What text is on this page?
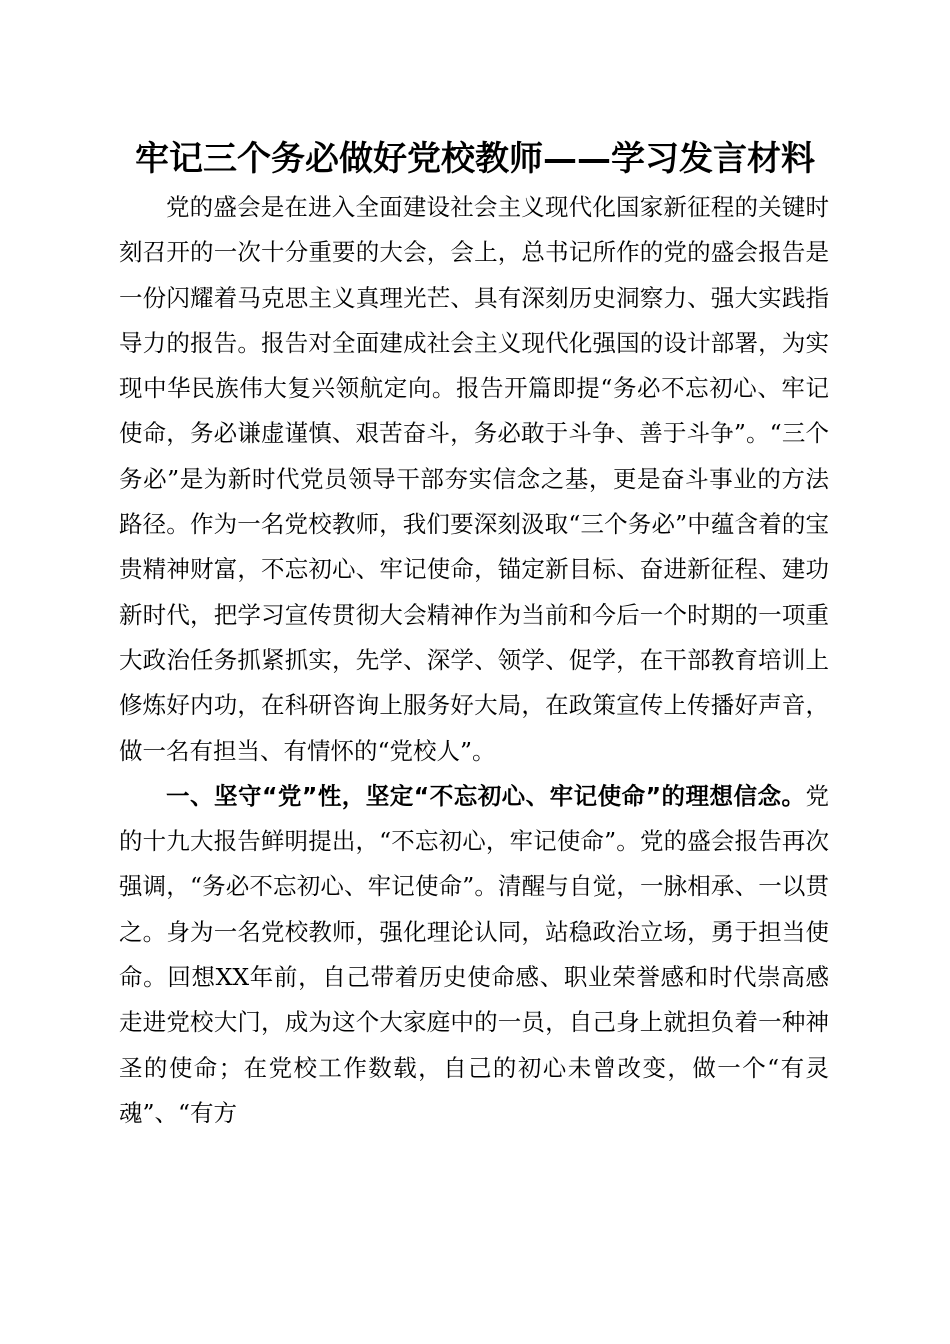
牢记三个务必做好党校教师——学习发言材料

党的盛会是在进入全面建设社会主义现代化国家新征程的关键时刻召开的一次十分重要的大会，会上，总书记所作的党的盛会报告是一份闪耀着马克思主义真理光芒、具有深刻历史洞察力、强大实践指导力的报告。报告对全面建成社会主义现代化强国的设计部署，为实现中华民族伟大复兴领航定向。报告开篇即提“务必不忘初心、牢记使命，务必谦虚谨慎、艰苦奋斗，务必敢于斗争、善于斗争”。“三个务必”是为新时代党员领导干部夯实信念之基，更是奋斗事业的方法路径。作为一名党校教师，我们要深刻汲取“三个务必”中蕴含着的宝贵精神财富，不忘初心、牢记使命，锚定新目标、奋进新征程、建功新时代，把学习宣传贯彻大会精神作为当前和今后一个时期的一项重大政治任务抓紧抓实，先学、深学、领学、促学，在干部教育培训上修炼好内功，在科研咨询上服务好大局，在政策宣传上传播好声音，做一名有担当、有情怀的“党校人”。

一、坚守“党”性，坚定“不忘初心、牢记使命”的理想信念。党的十九大报告鲜明提出，“不忘初心，牢记使命”。党的盛会报告再次强调，“务必不忘初心、牢记使命”。清醒与自觉，一脉相承、一以贯之。身为一名党校教师，强化理论认同，站稳政治立场，勇于担当使命。回想XX年前，自己带着历史使命感、职业荣誉感和时代崇高感走进党校大门，成为这个大家庭中的一员，自己身上就担负着一种神圣的使命；在党校工作数载，自己的初心未曾改变，做一个“有灵魂”、“有方
